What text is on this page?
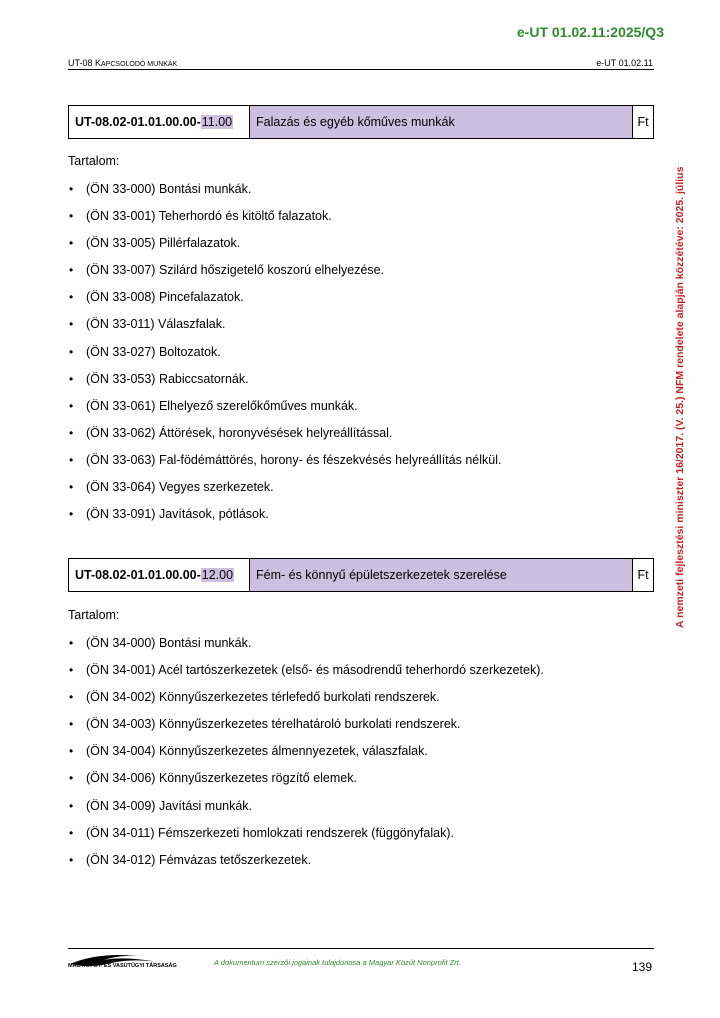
e-UT 01.02.11:2025/Q3
UT-08 KAPCSOLÓDÓ MUNKÁK	e-UT 01.02.11
UT-08.02-01.01.00.00- 11.00	Falazás és egyéb kőműves munkák	Ft
Tartalom:
• (ÖN 33-000) Bontási munkák.
• (ÖN 33-001) Teherhordó és kitöltő falazatok.
• (ÖN 33-005) Pillérfalazatok.
• (ÖN 33-007) Szilárd hőszigetelő koszorú elhelyezése.
• (ÖN 33-008) Pincefalazatok.
• (ÖN 33-011) Válaszfalak.
• (ÖN 33-027) Boltozatok.
• (ÖN 33-053) Rabiccsatornák.
• (ÖN 33-061) Elhelyező szerelőkőműves munkák.
• (ÖN 33-062) Áttörések, horonyvésések helyreállítással.
• (ÖN 33-063) Fal-födémáttörés, horony- és fészekvésés helyreállítás nélkül.
• (ÖN 33-064) Vegyes szerkezetek.
• (ÖN 33-091) Javítások, pótlások.
UT-08.02-01.01.00.00- 12.00	Fém- és könnyű épületszerkezetek szerelése	Ft
Tartalom:
• (ÖN 34-000) Bontási munkák.
• (ÖN 34-001) Acél tartószerkezetek (első- és másodrendű teherhordó szerkezetek).
• (ÖN 34-002) Könnyűszerkezetes térlefedő burkolati rendszerek.
• (ÖN 34-003) Könnyűszerkezetes térelhatároló burkolati rendszerek.
• (ÖN 34-004) Könnyűszerkezetes álmennyezetek, válaszfalak.
• (ÖN 34-006) Könnyűszerkezetes rögzítő elemek.
• (ÖN 34-009) Javítási munkák.
• (ÖN 34-011) Fémszerkezeti homlokzati rendszerek (függönyfalak).
• (ÖN 34-012) Fémvázas tetőszerkezetek.
A nemzeti fejlesztési miniszter 16/2017. (V. 25.) NFM rendelete alapján közzétéve: 2025. július
MAGYAR ÚT- ÉS VASÚTÜGYI TÁRSASÁG	A dokumentum szerzői jogainak tulajdonosa a Magyar Közút Nonprofit Zrt.	139
